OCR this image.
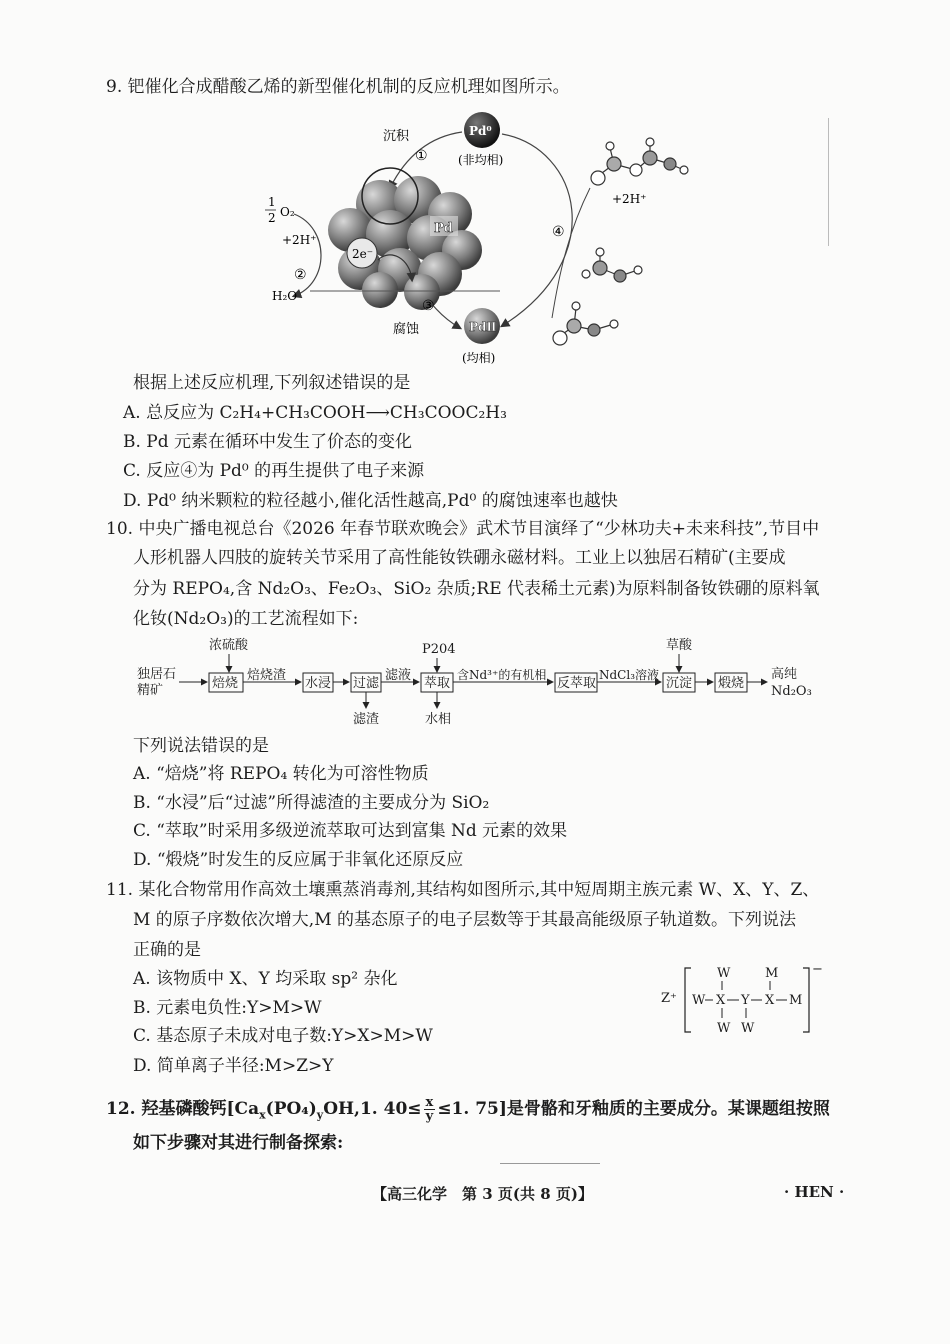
9. 钯催化合成醋酸乙烯的新型催化机制的反应机理如图所示。
2e⁻
Pd
Pd⁰
(非均相)
PdⅡ
(均相)
沉积
①
腐蚀
③
④
②
1
2 O₂
+2H⁺
H₂O
+2H⁺
根据上述反应机理,下列叙述错误的是
A. 总反应为 C₂H₄+CH₃COOH⟶CH₃COOC₂H₃
B. Pd 元素在循环中发生了价态的变化
C. 反应④为 Pd⁰ 的再生提供了电子来源
D. Pd⁰ 纳米颗粒的粒径越小,催化活性越高,Pd⁰ 的腐蚀速率也越快
10. 中央广播电视总台《2026 年春节联欢晚会》武术节目演绎了“少林功夫+未来科技”,节目中
人形机器人四肢的旋转关节采用了高性能钕铁硼永磁材料。工业上以独居石精矿(主要成
分为 REPO₄,含 Nd₂O₃、Fe₂O₃、SiO₂ 杂质;RE 代表稀土元素)为原料制备钕铁硼的原料氧
化钕(Nd₂O₃)的工艺流程如下:
独居石
精矿
浓硫酸
焙烧
焙烧渣
水浸 过滤
滤渣
滤液
P204
萃取
水相
含Nd³⁺的有机相
反萃取
NdCl₃溶液
草酸
沉淀 煅烧
高纯
Nd₂O₃
下列说法错误的是
A. “焙烧”将 REPO₄ 转化为可溶性物质
B. “水浸”后“过滤”所得滤渣的主要成分为 SiO₂
C. “萃取”时采用多级逆流萃取可达到富集 Nd 元素的效果
D. “煅烧”时发生的反应属于非氧化还原反应
11. 某化合物常用作高效土壤熏蒸消毒剂,其结构如图所示,其中短周期主族元素 W、X、Y、Z、
M 的原子序数依次增大,M 的基态原子的电子层数等于其最高能级原子轨道数。下列说法
正确的是
A. 该物质中 X、Y 均采取 sp² 杂化
B. 元素电负性:Y>M>W
C. 基态原子未成对电子数:Y>X>M>W
D. 简单离子半径:M>Z>Y
Z⁺
−
W	M
W X Y X M
W W
12. 羟基磷酸钙[$Ca_x(PO_4)_yOH,1$. $40\le \frac{x}{y} \le 1$. 75]是骨骼和牙釉质的主要成分。某课题组按照
如下步骤对其进行制备探索:
【高三化学　第 3 页(共 8 页)】	· HEN ·
